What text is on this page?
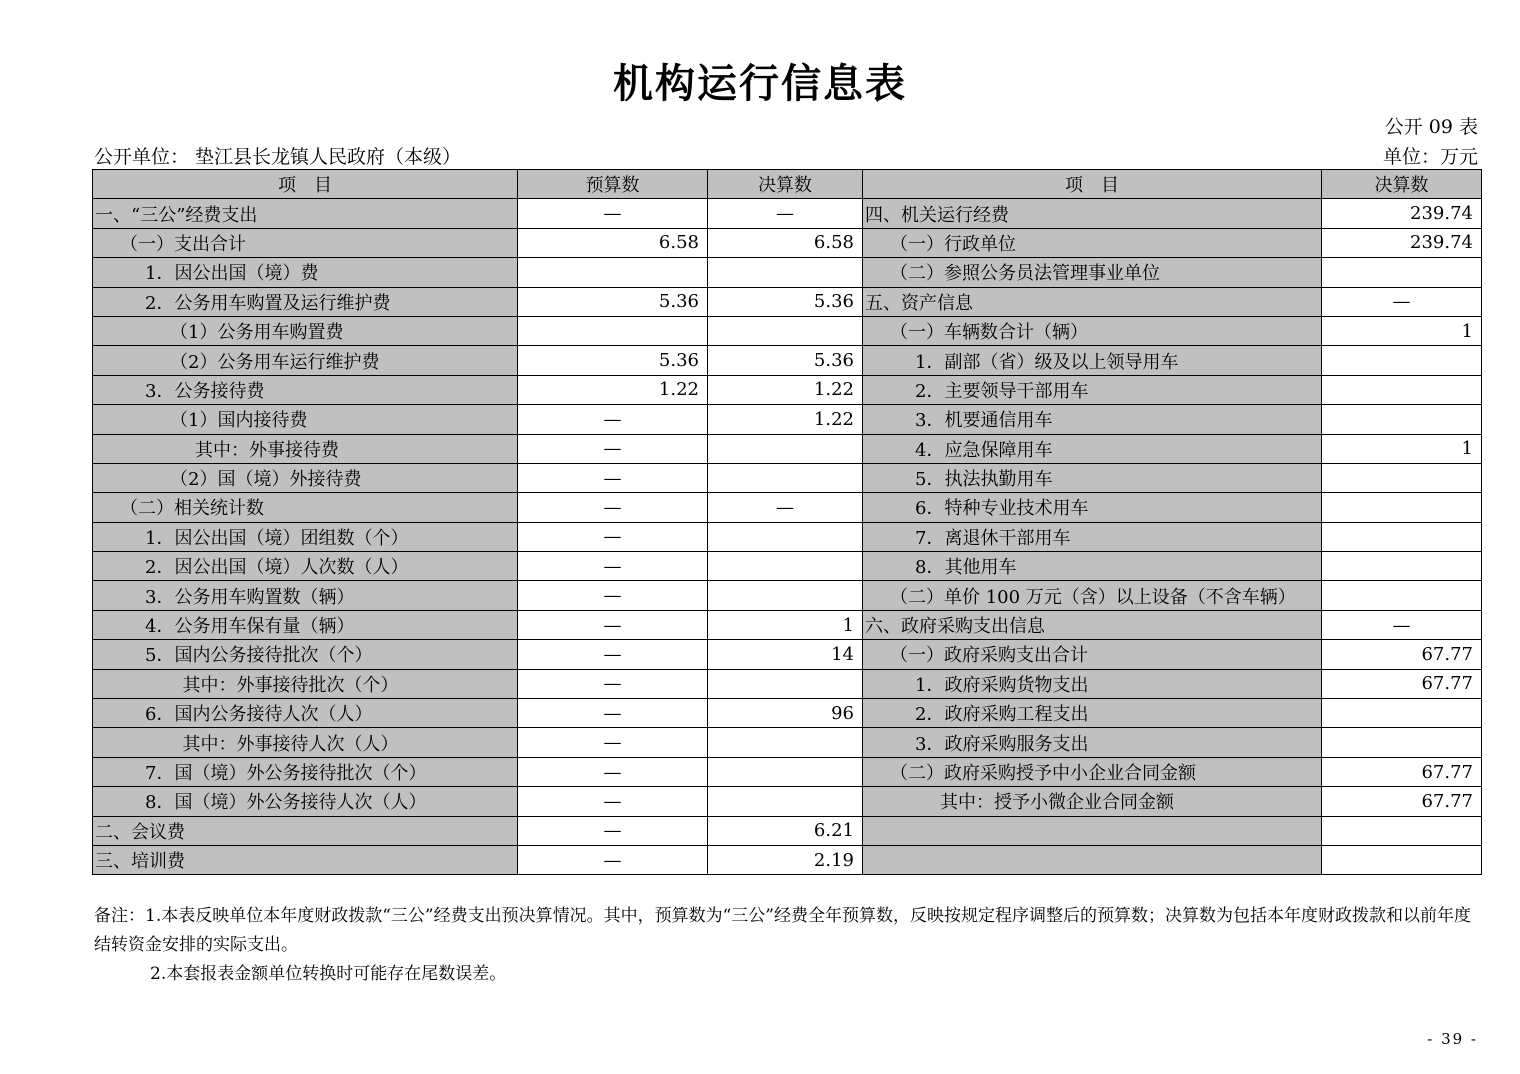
机构运行信息表
公开 09 表
公开单位： 垫江县长龙镇人民政府（本级）	单位：万元
项　目	预算数	决算数	项　目	决算数
一、“三公”经费支出	—	—	四、机关运行经费	239.74
（一）支出合计	6.58	6.58	（一）行政单位	239.74
1．因公出国（境）费			（二）参照公务员法管理事业单位	
2．公务用车购置及运行维护费	5.36	5.36	五、资产信息	—
（1）公务用车购置费			（一）车辆数合计（辆）	1
（2）公务用车运行维护费	5.36	5.36	1．副部（省）级及以上领导用车	
3．公务接待费	1.22	1.22	2．主要领导干部用车	
（1）国内接待费	—	1.22	3．机要通信用车	
其中：外事接待费	—		4．应急保障用车	1
（2）国（境）外接待费	—		5．执法执勤用车	
（二）相关统计数	—	—	6．特种专业技术用车	
1．因公出国（境）团组数（个）	—		7．离退休干部用车	
2．因公出国（境）人次数（人）	—		8．其他用车	
3．公务用车购置数（辆）	—		（二）单价 100 万元（含）以上设备（不含车辆）	
4．公务用车保有量（辆）	—	1	六、政府采购支出信息	—
5．国内公务接待批次（个）	—	14	（一）政府采购支出合计	67.77
其中：外事接待批次（个）	—		1．政府采购货物支出	67.77
6．国内公务接待人次（人）	—	96	2．政府采购工程支出	
其中：外事接待人次（人）	—		3．政府采购服务支出	
7．国（境）外公务接待批次（个）	—		（二）政府采购授予中小企业合同金额	67.77
8．国（境）外公务接待人次（人）	—		其中：授予小微企业合同金额	67.77
二、会议费	—	6.21		
三、培训费	—	2.19		
备注：1.本表反映单位本年度财政拨款“三公”经费支出预决算情况。其中，预算数为“三公”经费全年预算数，反映按规定程序调整后的预算数；决算数为包括本年度财政拨款和以前年度结转资金安排的实际支出。
2.本套报表金额单位转换时可能存在尾数误差。
- 39 -
